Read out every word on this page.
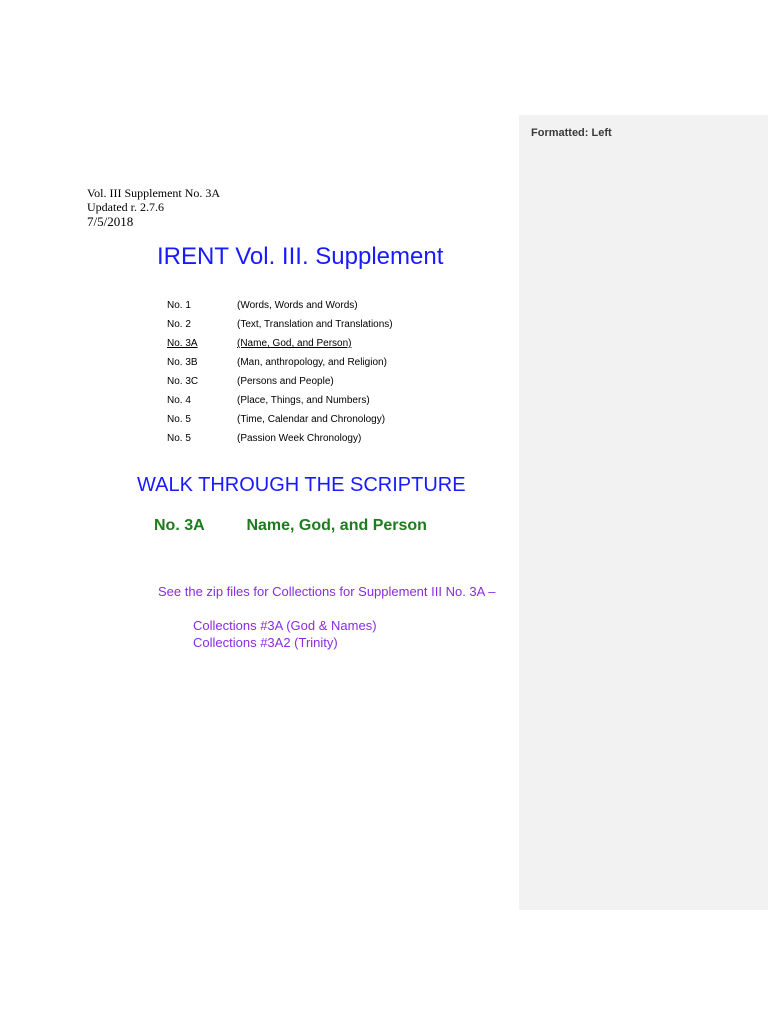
Formatted: Left
Vol. III Supplement No. 3A
Updated r. 2.7.6
7/5/2018
IRENT Vol. III. Supplement
No. 1	(Words, Words and Words)
No. 2	(Text, Translation and Translations)
No. 3A	(Name, God, and Person)
No. 3B	(Man, anthropology, and Religion)
No. 3C	(Persons and People)
No. 4	(Place, Things, and Numbers)
No. 5	(Time, Calendar and Chronology)
No. 5	(Passion Week Chronology)
WALK THROUGH THE SCRIPTURE
No. 3A	Name, God, and Person
See the zip files for Collections for Supplement III No. 3A –
Collections #3A (God & Names)
Collections #3A2 (Trinity)
